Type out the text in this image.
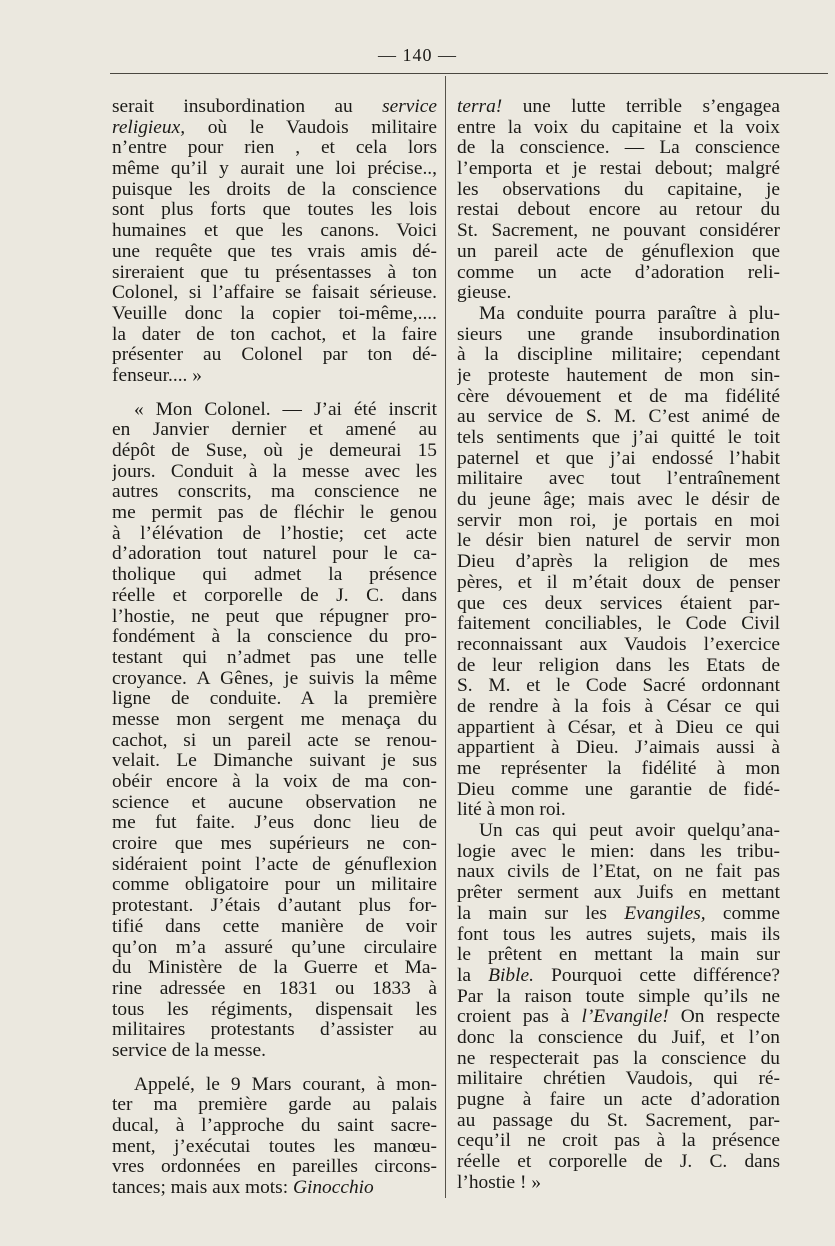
— 140 —
serait insubordination au service
religieux, où le Vaudois militaire
n’entre pour rien , et cela lors
même qu’il y aurait une loi précise..,
puisque les droits de la conscience
sont plus forts que toutes les lois
humaines et que les canons. Voici
une requête que tes vrais amis dé-
sireraient que tu présentasses à ton
Colonel, si l’affaire se faisait sérieuse.
Veuille donc la copier toi-même,....
la dater de ton cachot, et la faire
présenter au Colonel par ton dé-
fenseur.... »
« Mon Colonel. — J’ai été inscrit
en Janvier dernier et amené au
dépôt de Suse, où je demeurai 15
jours. Conduit à la messe avec les
autres conscrits, ma conscience ne
me permit pas de fléchir le genou
à l’élévation de l’hostie; cet acte
d’adoration tout naturel pour le ca-
tholique qui admet la présence
réelle et corporelle de J. C. dans
l’hostie, ne peut que répugner pro-
fondément à la conscience du pro-
testant qui n’admet pas une telle
croyance. A Gênes, je suivis la même
ligne de conduite. A la première
messe mon sergent me menaça du
cachot, si un pareil acte se renou-
velait. Le Dimanche suivant je sus
obéir encore à la voix de ma con-
science et aucune observation ne
me fut faite. J’eus donc lieu de
croire que mes supérieurs ne con-
sidéraient point l’acte de génuflexion
comme obligatoire pour un militaire
protestant. J’étais d’autant plus for-
tifié dans cette manière de voir
qu’on m’a assuré qu’une circulaire
du Ministère de la Guerre et Ma-
rine adressée en 1831 ou 1833 à
tous les régiments, dispensait les
militaires protestants d’assister au
service de la messe.
Appelé, le 9 Mars courant, à mon-
ter ma première garde au palais
ducal, à l’approche du saint sacre-
ment, j’exécutai toutes les manœu-
vres ordonnées en pareilles circons-
tances; mais aux mots: Ginocchio
terra! une lutte terrible s’engagea
entre la voix du capitaine et la voix
de la conscience. — La conscience
l’emporta et je restai debout; malgré
les observations du capitaine, je
restai debout encore au retour du
St. Sacrement, ne pouvant considérer
un pareil acte de génuflexion que
comme un acte d’adoration reli-
gieuse.
Ma conduite pourra paraître à plu-
sieurs une grande insubordination
à la discipline militaire; cependant
je proteste hautement de mon sin-
cère dévouement et de ma fidélité
au service de S. M. C’est animé de
tels sentiments que j’ai quitté le toit
paternel et que j’ai endossé l’habit
militaire avec tout l’entraînement
du jeune âge; mais avec le désir de
servir mon roi, je portais en moi
le désir bien naturel de servir mon
Dieu d’après la religion de mes
pères, et il m’était doux de penser
que ces deux services étaient par-
faitement conciliables, le Code Civil
reconnaissant aux Vaudois l’exercice
de leur religion dans les Etats de
S. M. et le Code Sacré ordonnant
de rendre à la fois à César ce qui
appartient à César, et à Dieu ce qui
appartient à Dieu. J’aimais aussi à
me représenter la fidélité à mon
Dieu comme une garantie de fidé-
lité à mon roi.
Un cas qui peut avoir quelqu’ana-
logie avec le mien: dans les tribu-
naux civils de l’Etat, on ne fait pas
prêter serment aux Juifs en mettant
la main sur les Evangiles, comme
font tous les autres sujets, mais ils
le prêtent en mettant la main sur
la Bible. Pourquoi cette différence?
Par la raison toute simple qu’ils ne
croient pas à l’Evangile! On respecte
donc la conscience du Juif, et l’on
ne respecterait pas la conscience du
militaire chrétien Vaudois, qui ré-
pugne à faire un acte d’adoration
au passage du St. Sacrement, par-
cequ’il ne croit pas à la présence
réelle et corporelle de J. C. dans
l’hostie ! »
